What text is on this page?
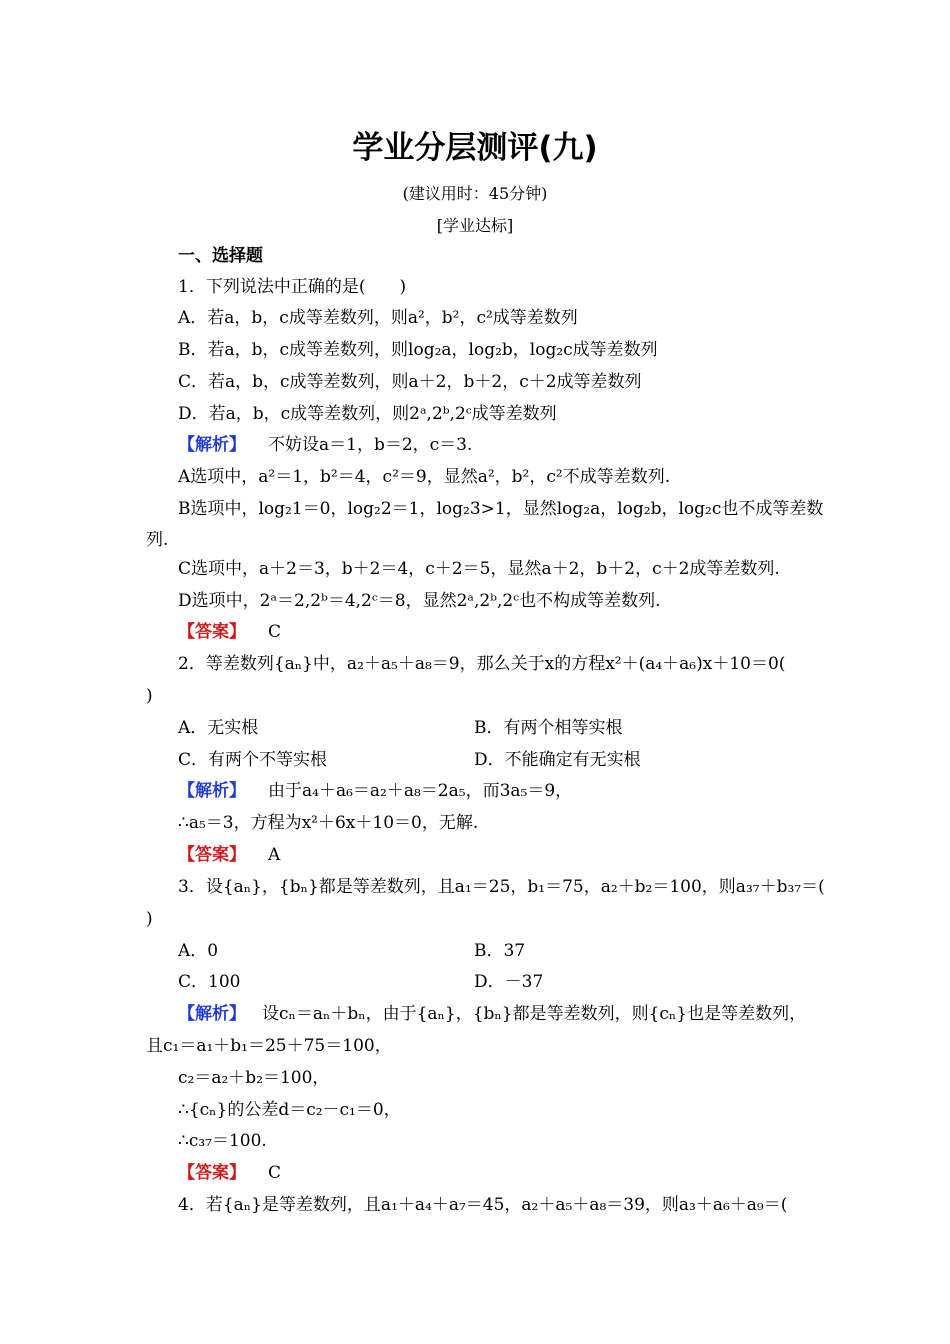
学业分层测评(九)
(建议用时：45分钟)
[学业达标]
一、选择题
1．下列说法中正确的是(　　)
A．若a，b，c成等差数列，则a²，b²，c²成等差数列
B．若a，b，c成等差数列，则log₂a，log₂b，log₂c成等差数列
C．若a，b，c成等差数列，则a＋2，b＋2，c＋2成等差数列
D．若a，b，c成等差数列，则2ᵃ,2ᵇ,2ᶜ成等差数列
【解析】 不妨设a＝1，b＝2，c＝3.
A选项中，a²＝1，b²＝4，c²＝9，显然a²，b²，c²不成等差数列.
B选项中，log₂1＝0，log₂2＝1，log₂3>1，显然log₂a，log₂b，log₂c也不成等差数
列.
C选项中，a＋2＝3，b＋2＝4，c＋2＝5，显然a＋2，b＋2，c＋2成等差数列.
D选项中，2ᵃ＝2,2ᵇ＝4,2ᶜ＝8，显然2ᵃ,2ᵇ,2ᶜ也不构成等差数列.
【答案】 C
2．等差数列{aₙ}中，a₂＋a₅＋a₈＝9，那么关于x的方程x²＋(a₄＋a₆)x＋10＝0(
)
A．无实根	B．有两个相等实根
C．有两个不等实根	D．不能确定有无实根
【解析】 由于a₄＋a₆＝a₂＋a₈＝2a₅，而3a₅＝9，
∴a₅＝3，方程为x²＋6x＋10＝0，无解.
【答案】 A
3．设{aₙ}，{bₙ}都是等差数列，且a₁＝25，b₁＝75，a₂＋b₂＝100，则a₃₇＋b₃₇＝(
)
A．0	B．37
C．100	D．－37
【解析】 设cₙ＝aₙ＋bₙ，由于{aₙ}，{bₙ}都是等差数列，则{cₙ}也是等差数列，
且c₁＝a₁＋b₁＝25＋75＝100，
c₂＝a₂＋b₂＝100，
∴{cₙ}的公差d＝c₂－c₁＝0，
∴c₃₇＝100.
【答案】 C
4．若{aₙ}是等差数列，且a₁＋a₄＋a₇＝45，a₂＋a₅＋a₈＝39，则a₃＋a₆＋a₉＝(
